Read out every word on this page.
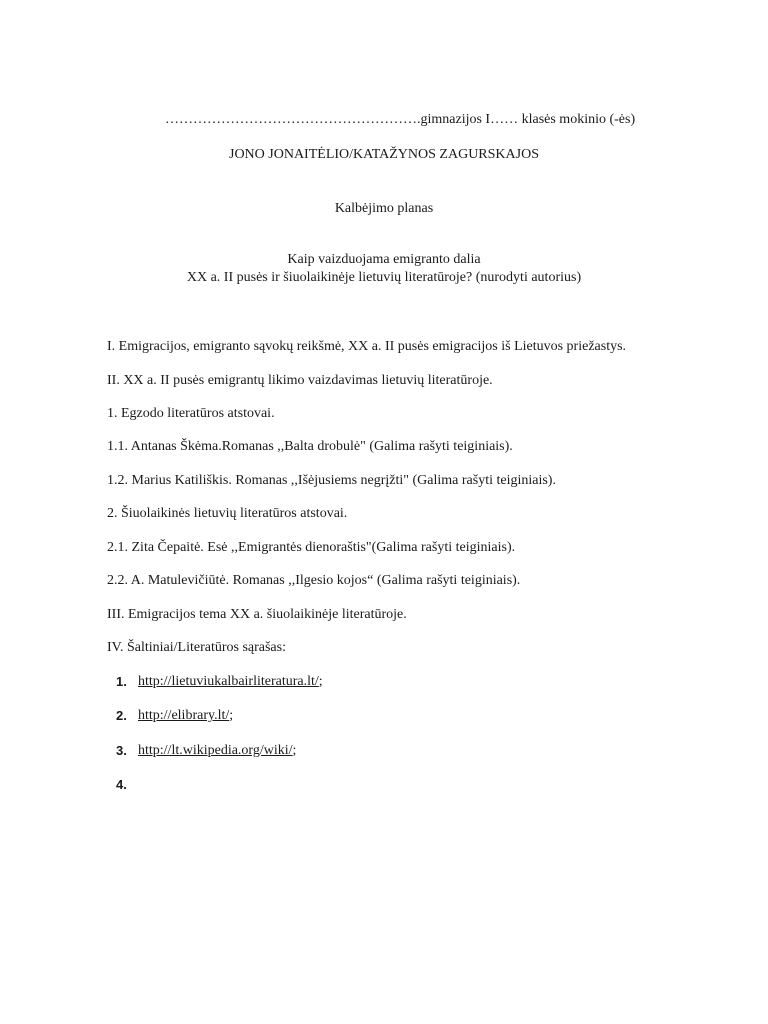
……………………………………………….gimnazijos I…… klasės mokinio (-ės)
JONO JONAITĖLIO/KATAŽYNOS ZAGURSKAJOS
Kalbėjimo planas
Kaip vaizduojama emigranto dalia
XX a. II pusės ir šiuolaikinėje lietuvių literatūroje? (nurodyti autorius)
I. Emigracijos, emigranto sąvokų reikšmė, XX a. II pusės emigracijos iš Lietuvos priežastys.
II. XX a. II pusės emigrantų likimo vaizdavimas lietuvių literatūroje.
1. Egzodo literatūros atstovai.
1.1. Antanas Škėma.Romanas ,,Balta drobulė" (Galima rašyti teiginiais).
1.2. Marius Katiliškis. Romanas ,,Išėjusiems negrįžti" (Galima rašyti teiginiais).
2. Šiuolaikinės lietuvių literatūros atstovai.
2.1. Zita Čepaitė. Esė ,,Emigrantės dienoraštis"(Galima rašyti teiginiais).
2.2. A. Matulevičiūtė. Romanas ,,Ilgesio kojos“ (Galima rašyti teiginiais).
III. Emigracijos tema XX a. šiuolaikinėje literatūroje.
IV. Šaltiniai/Literatūros sąrašas:
1. http://lietuviukalbairliteratura.lt/;
2. http://elibrary.lt/;
3. http://lt.wikipedia.org/wiki/;
4.
